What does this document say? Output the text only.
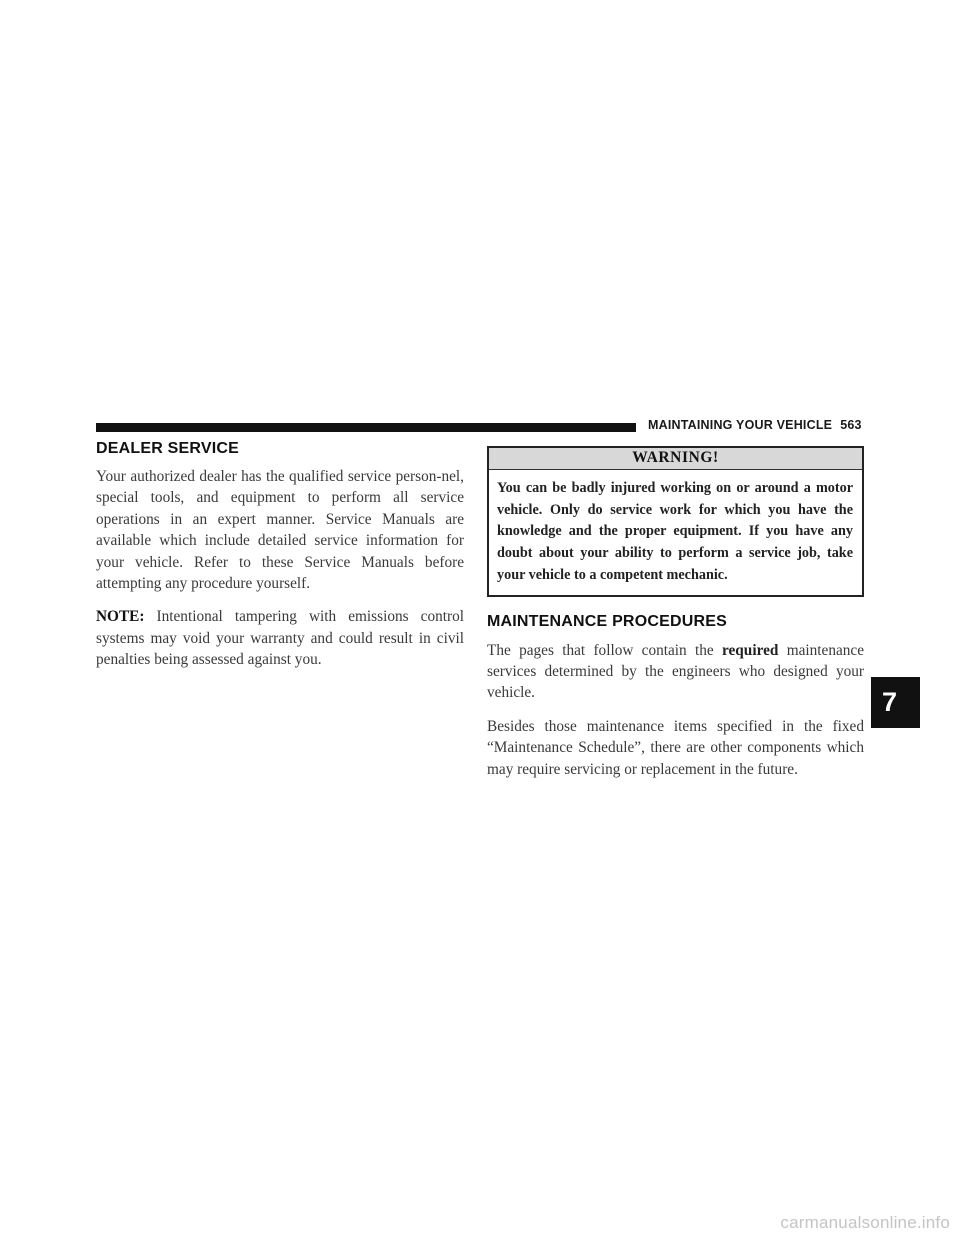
MAINTAINING YOUR VEHICLE 563
DEALER SERVICE

Your authorized dealer has the qualified service person-nel, special tools, and equipment to perform all service operations in an expert manner. Service Manuals are available which include detailed service information for your vehicle. Refer to these Service Manuals before attempting any procedure yourself.

NOTE: Intentional tampering with emissions control systems may void your warranty and could result in civil penalties being assessed against you.

WARNING!
You can be badly injured working on or around a motor vehicle. Only do service work for which you have the knowledge and the proper equipment. If you have any doubt about your ability to perform a service job, take your vehicle to a competent mechanic.
MAINTENANCE PROCEDURES

The pages that follow contain the required maintenance services determined by the engineers who designed your vehicle.

Besides those maintenance items specified in the fixed “Maintenance Schedule”, there are other components which may require servicing or replacement in the future.

7
carmanualsonline.info
